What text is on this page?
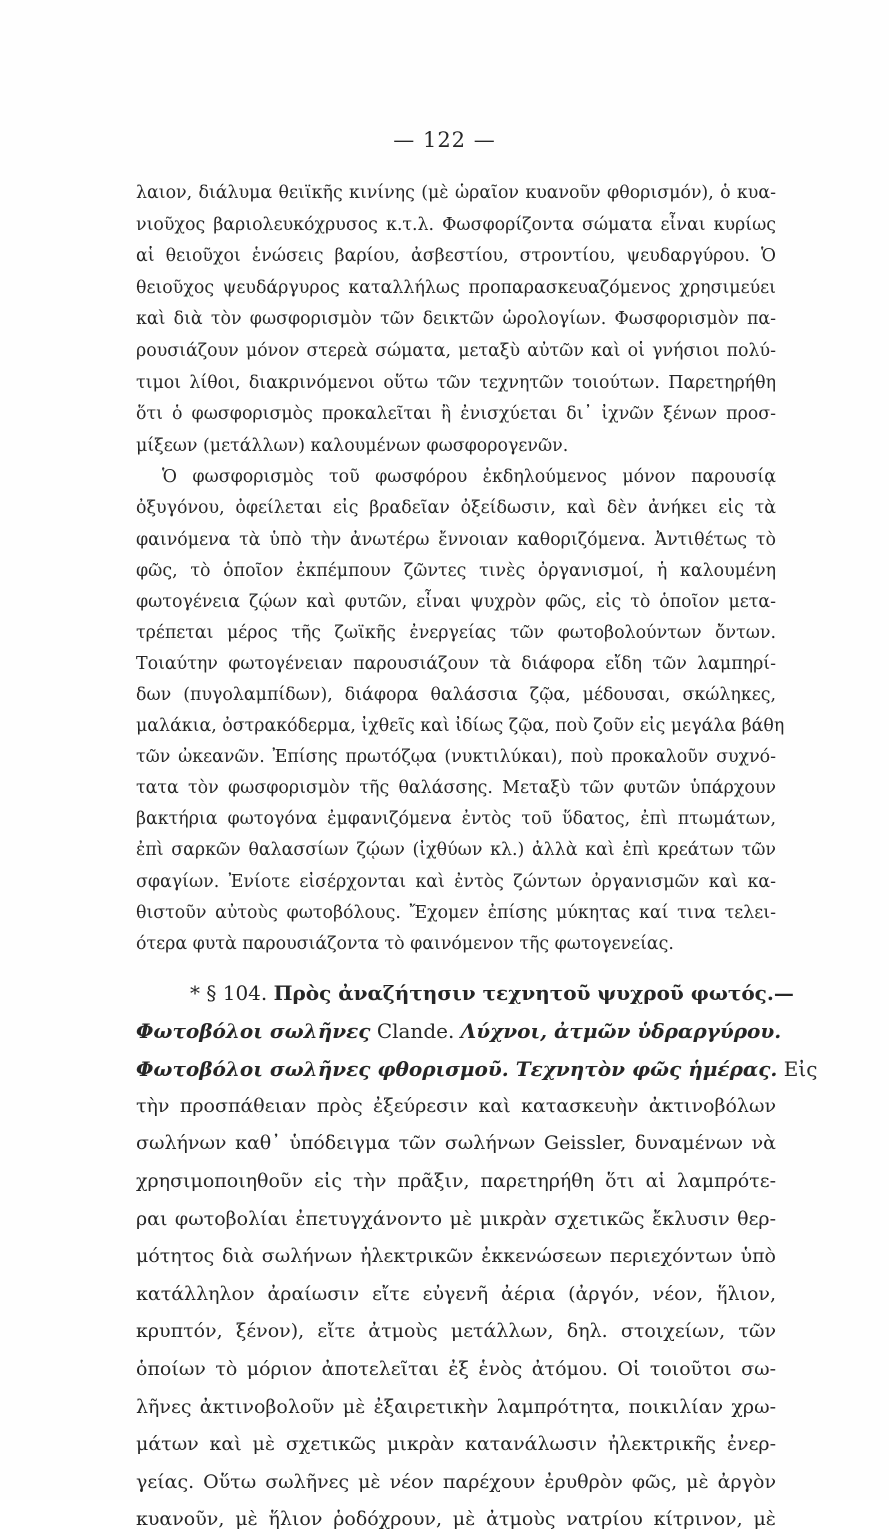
— 122 —
λαιον, διάλυμα θειϊκῆς κινίνης (μὲ ὡραῖον κυανοῦν φθορισμόν), ὁ κυα-
νιοῦχος βαριολευκόχρυσος κ.τ.λ. Φωσφορίζοντα σώματα εἶναι κυρίως
αἱ θειοῦχοι ἑνώσεις βαρίου, ἀσβεστίου, στροντίου, ψευδαργύρου. Ὁ
θειοῦχος ψευδάργυρος καταλλήλως προπαρασκευαζόμενος χρησιμεύει
καὶ διὰ τὸν φωσφορισμὸν τῶν δεικτῶν ὡρολογίων. Φωσφορισμὸν πα-
ρουσιάζουν μόνον στερεὰ σώματα, μεταξὺ αὐτῶν καὶ οἱ γνήσιοι πολύ-
τιμοι λίθοι, διακρινόμενοι οὕτω τῶν τεχνητῶν τοιούτων. Παρετηρήθη
ὅτι ὁ φωσφορισμὸς προκαλεῖται ἢ ἐνισχύεται δι᾽ ἰχνῶν ξένων προσ-
μίξεων (μετάλλων) καλουμένων φωσφορογενῶν.
Ὁ φωσφορισμὸς τοῦ φωσφόρου ἐκδηλούμενος μόνον παρουσίᾳ
ὀξυγόνου, ὀφείλεται εἰς βραδεῖαν ὀξείδωσιν, καὶ δὲν ἀνήκει εἰς τὰ
φαινόμενα τὰ ὑπὸ τὴν ἀνωτέρω ἔννοιαν καθοριζόμενα. Ἀντιθέτως τὸ
φῶς, τὸ ὁποῖον ἐκπέμπουν ζῶντες τινὲς ὀργανισμοί, ἡ καλουμένη
φωτογένεια ζῴων καὶ φυτῶν, εἶναι ψυχρὸν φῶς, εἰς τὸ ὁποῖον μετα-
τρέπεται μέρος τῆς ζωϊκῆς ἐνεργείας τῶν φωτοβολούντων ὄντων.
Τοιαύτην φωτογένειαν παρουσιάζουν τὰ διάφορα εἴδη τῶν λαμπηρί-
δων (πυγολαμπίδων), διάφορα θαλάσσια ζῷα, μέδουσαι, σκώληκες,
μαλάκια, ὀστρακόδερμα, ἰχθεῖς καὶ ἰδίως ζῷα, ποὺ ζοῦν εἰς μεγάλα βάθη
τῶν ὠκεανῶν. Ἐπίσης πρωτόζῳα (νυκτιλύκαι), ποὺ προκαλοῦν συχνό-
τατα τὸν φωσφορισμὸν τῆς θαλάσσης. Μεταξὺ τῶν φυτῶν ὑπάρχουν
βακτήρια φωτογόνα ἐμφανιζόμενα ἐντὸς τοῦ ὕδατος, ἐπὶ πτωμάτων,
ἐπὶ σαρκῶν θαλασσίων ζῴων (ἰχθύων κλ.) ἀλλὰ καὶ ἐπὶ κρεάτων τῶν
σφαγίων. Ἐνίοτε εἰσέρχονται καὶ ἐντὸς ζώντων ὀργανισμῶν καὶ κα-
θιστοῦν αὐτοὺς φωτοβόλους. Ἔχομεν ἐπίσης μύκητας καί τινα τελει-
ότερα φυτὰ παρουσιάζοντα τὸ φαινόμενον τῆς φωτογενείας.
* § 104. Πρὸς ἀναζήτησιν τεχνητοῦ ψυχροῦ φωτός.—
Φωτοβόλοι σωλῆνες Clande. Λύχνοι, ἀτμῶν ὑδραργύρου.
Φωτοβόλοι σωλῆνες φθορισμοῦ. Τεχνητὸν φῶς ἡμέρας. Εἰς
τὴν προσπάθειαν πρὸς ἐξεύρεσιν καὶ κατασκευὴν ἀκτινοβόλων
σωλήνων καθ᾽ ὑπόδειγμα τῶν σωλήνων Geissler, δυναμένων νὰ
χρησιμοποιηθοῦν εἰς τὴν πρᾶξιν, παρετηρήθη ὅτι αἱ λαμπρότε-
ραι φωτοβολίαι ἐπετυγχάνοντο μὲ μικρὰν σχετικῶς ἔκλυσιν θερ-
μότητος διὰ σωλήνων ἠλεκτρικῶν ἐκκενώσεων περιεχόντων ὑπὸ
κατάλληλον ἀραίωσιν εἴτε εὐγενῆ ἀέρια (ἀργόν, νέον, ἥλιον,
κρυπτόν, ξένον), εἴτε ἀτμοὺς μετάλλων, δηλ. στοιχείων, τῶν
ὁποίων τὸ μόριον ἀποτελεῖται ἐξ ἑνὸς ἀτόμου. Οἱ τοιοῦτοι σω-
λῆνες ἀκτινοβολοῦν μὲ ἐξαιρετικὴν λαμπρότητα, ποικιλίαν χρω-
μάτων καὶ μὲ σχετικῶς μικρὰν κατανάλωσιν ἠλεκτρικῆς ἐνερ-
γείας. Οὕτω σωλῆνες μὲ νέον παρέχουν ἐρυθρὸν φῶς, μὲ ἀργὸν
κυανοῦν, μὲ ἥλιον ῥοδόχρουν, μὲ ἀτμοὺς νατρίου κίτρινον, μὲ
